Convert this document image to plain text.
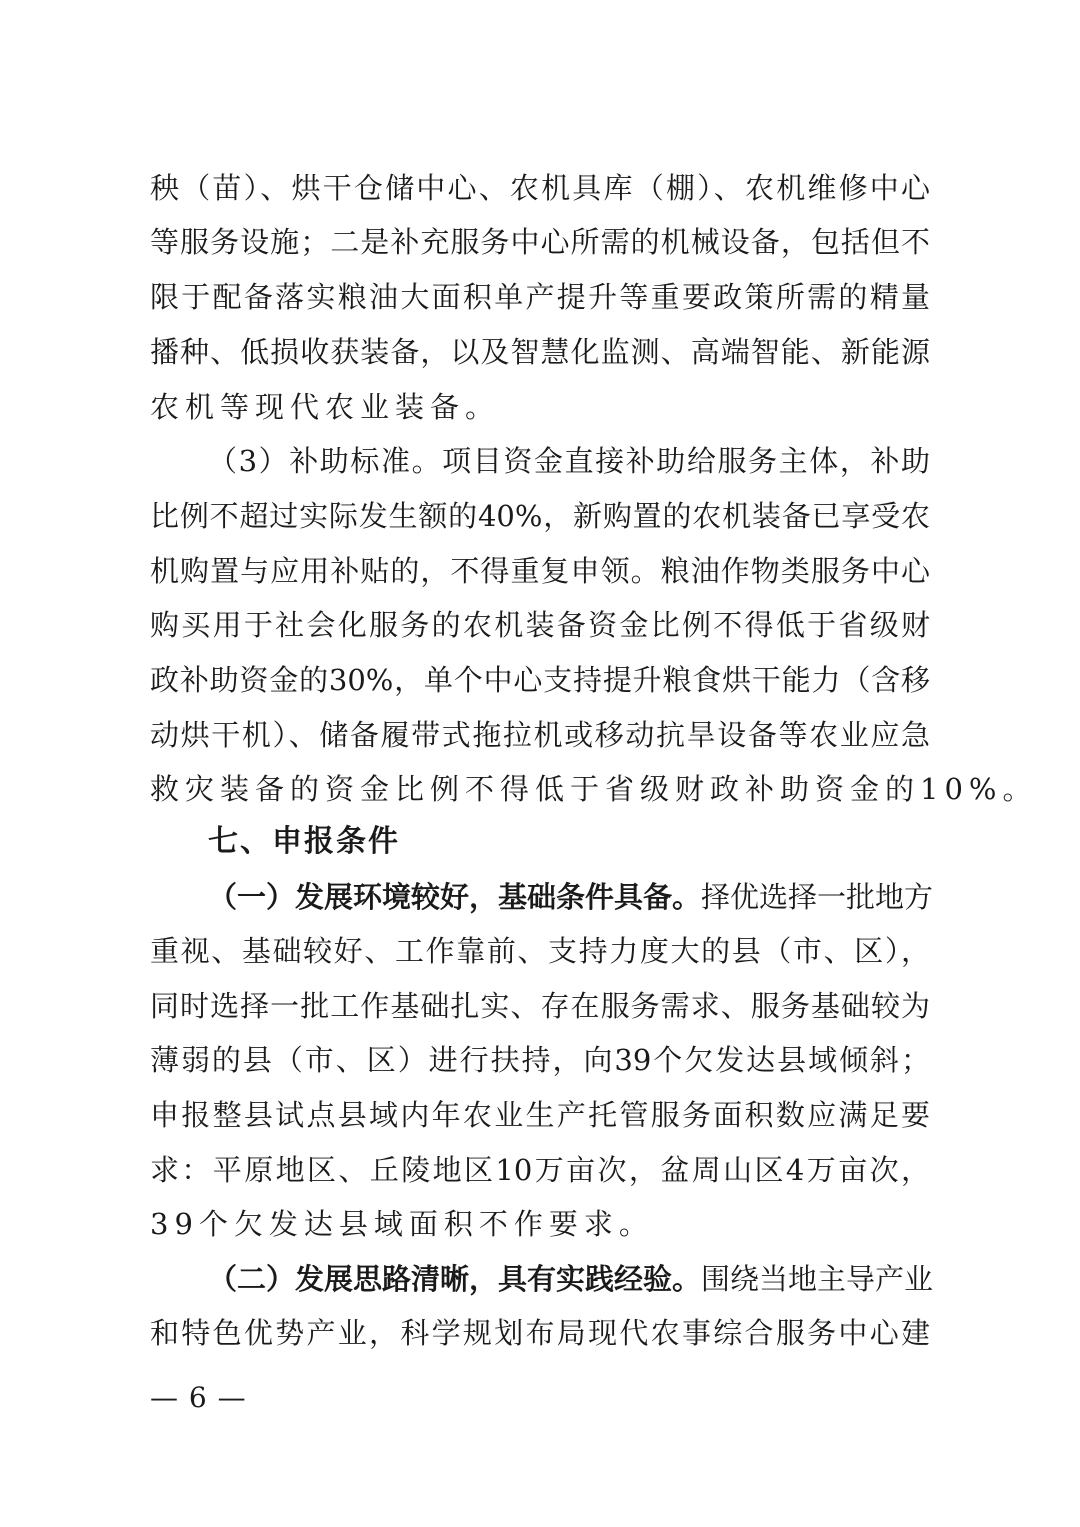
秧（苗）、烘干仓储中心、农机具库（棚）、农机维修中心
等服务设施；二是补充服务中心所需的机械设备，包括但不
限于配备落实粮油大面积单产提升等重要政策所需的精量
播种、低损收获装备，以及智慧化监测、高端智能、新能源
农机等现代农业装备。
（3）补助标准。项目资金直接补助给服务主体，补助
比例不超过实际发生额的40%，新购置的农机装备已享受农
机购置与应用补贴的，不得重复申领。粮油作物类服务中心
购买用于社会化服务的农机装备资金比例不得低于省级财
政补助资金的30%，单个中心支持提升粮食烘干能力（含移
动烘干机）、储备履带式拖拉机或移动抗旱设备等农业应急
救灾装备的资金比例不得低于省级财政补助资金的10%。
七、申报条件
（一）发展环境较好，基础条件具备。择优选择一批地方
重视、基础较好、工作靠前、支持力度大的县（市、区），
同时选择一批工作基础扎实、存在服务需求、服务基础较为
薄弱的县（市、区）进行扶持，向39个欠发达县域倾斜；
申报整县试点县域内年农业生产托管服务面积数应满足要
求：平原地区、丘陵地区10万亩次，盆周山区4万亩次，
39个欠发达县域面积不作要求。
（二）发展思路清晰，具有实践经验。围绕当地主导产业
和特色优势产业，科学规划布局现代农事综合服务中心建
— 6 —
